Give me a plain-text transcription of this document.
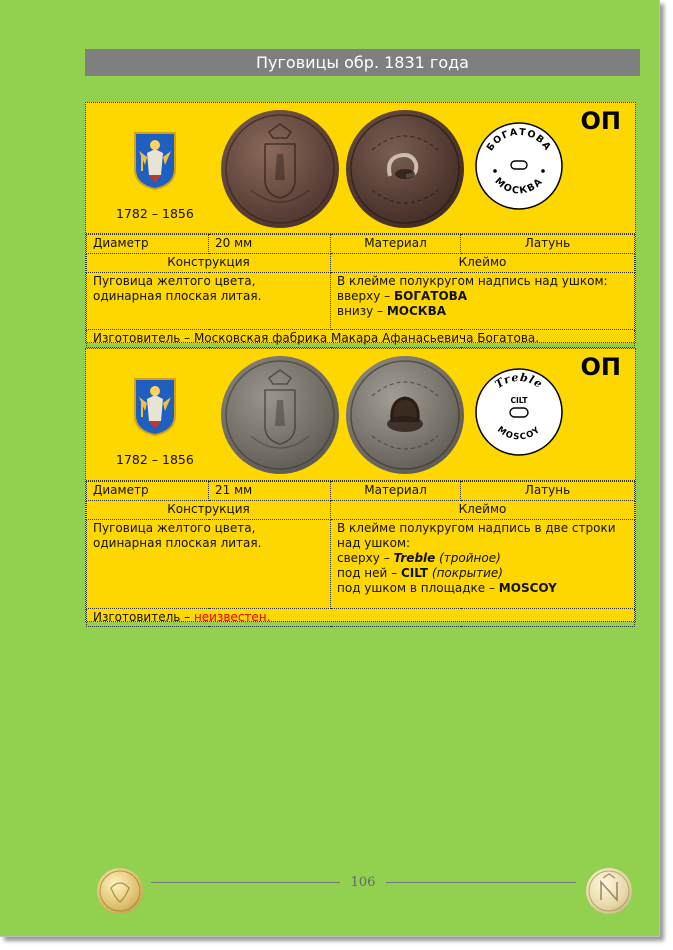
Пуговицы обр. 1831 года
1782 – 1856
БОГАТОВА
МОСКВА
ОП
Диаметр	20 мм	Материал	Латунь
Конструкция		Клеймо	
Пуговица желтого цвета, одинарная плоская литая.		В клейме полукругом надпись над ушком:
вверху – БОГАТОВА
внизу – МОСКВА	

Изготовитель – Московская фабрика Макара Афанасьевича Богатова.			
1782 – 1856
Treble
CILT
MOSCOY
ОП
Диаметр	21 мм	Материал	Латунь
Конструкция		Клеймо	
Пуговица желтого цвета, одинарная плоская литая.		В клейме полукругом надпись в две строки над ушком:
сверху – Treble (тройное)
под ней – CILT (покрытие)
под ушком в площадке – MOSCOY	

Изготовитель – неизвестен.			
106
